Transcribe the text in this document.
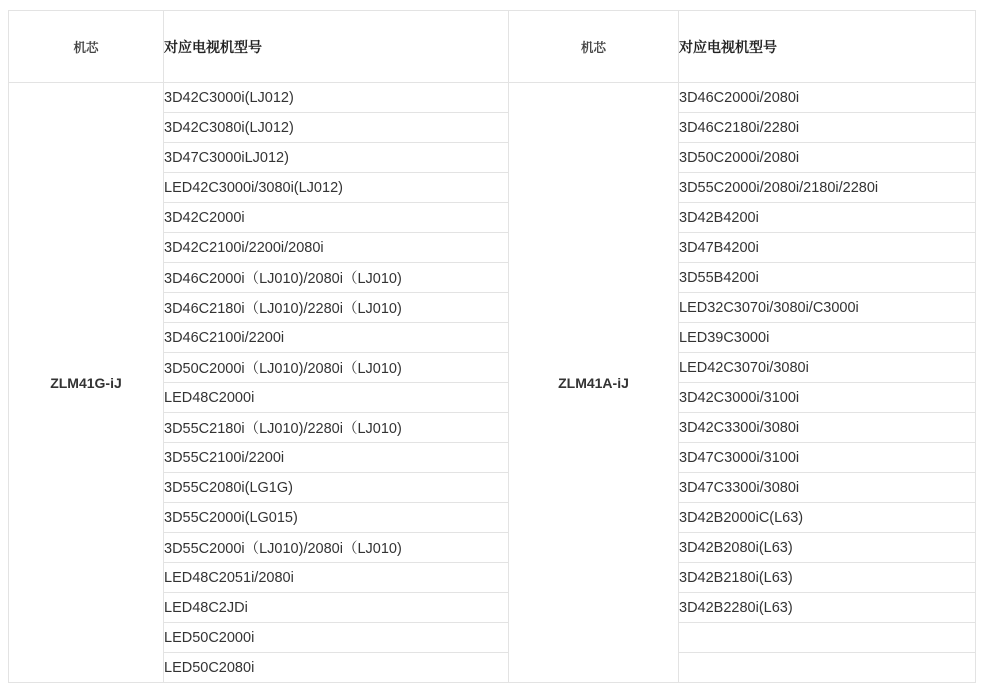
机芯	对应电视机型号	机芯	对应电视机型号
ZLM41G-iJ	3D42C3000i(LJ012)	ZLM41A-iJ	3D46C2000i/2080i
	3D42C3080i(LJ012)		3D46C2180i/2280i
	3D47C3000iLJ012)		3D50C2000i/2080i
	LED42C3000i/3080i(LJ012)		3D55C2000i/2080i/2180i/2280i
	3D42C2000i		3D42B4200i
	3D42C2100i/2200i/2080i		3D47B4200i
	3D46C2000i（LJ010)/2080i（LJ010)		3D55B4200i
	3D46C2180i（LJ010)/2280i（LJ010)		LED32C3070i/3080i/C3000i
	3D46C2100i/2200i		LED39C3000i
	3D50C2000i（LJ010)/2080i（LJ010)		LED42C3070i/3080i
	LED48C2000i		3D42C3000i/3100i
	3D55C2180i（LJ010)/2280i（LJ010)		3D42C3300i/3080i
	3D55C2100i/2200i		3D47C3000i/3100i
	3D55C2080i(LG1G)		3D47C3300i/3080i
	3D55C2000i(LG015)		3D42B2000iC(L63)
	3D55C2000i（LJ010)/2080i（LJ010)		3D42B2080i(L63)
	LED48C2051i/2080i		3D42B2180i(L63)
	LED48C2JDi		3D42B2280i(L63)
	LED50C2000i		
	LED50C2080i		
